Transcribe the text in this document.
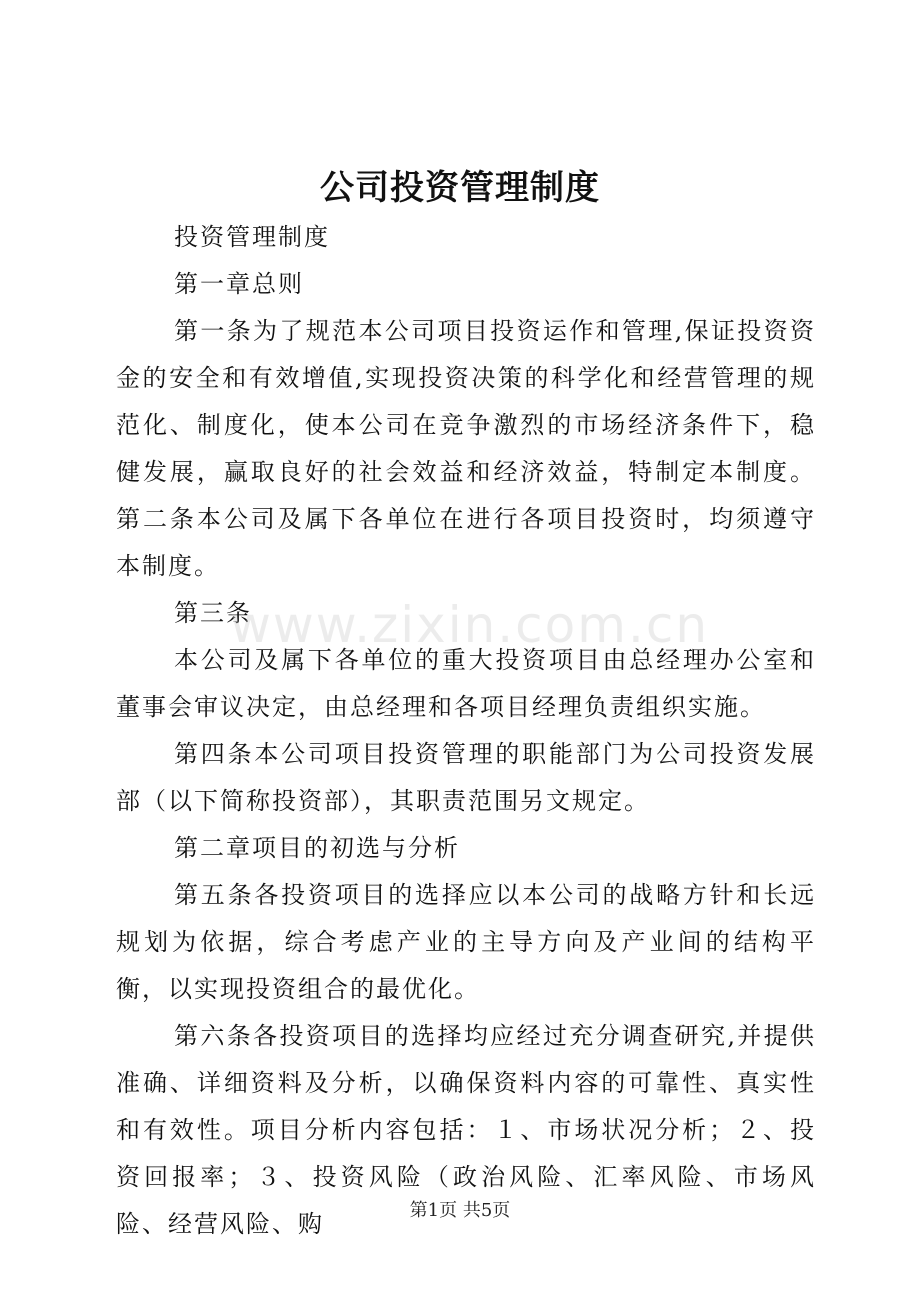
公司投资管理制度

投资管理制度

第一章总则

第一条为了规范本公司项目投资运作和管理,保证投资资金的安全和有效增值,实现投资决策的科学化和经营管理的规范化、制度化，使本公司在竞争激烈的市场经济条件下，稳健发展，赢取良好的社会效益和经济效益，特制定本制度。第二条本公司及属下各单位在进行各项目投资时，均须遵守本制度。

第三条

本公司及属下各单位的重大投资项目由总经理办公室和董事会审议决定，由总经理和各项目经理负责组织实施。

第四条本公司项目投资管理的职能部门为公司投资发展部（以下简称投资部），其职责范围另文规定。

第二章项目的初选与分析

第五条各投资项目的选择应以本公司的战略方针和长远规划为依据，综合考虑产业的主导方向及产业间的结构平衡，以实现投资组合的最优化。

第六条各投资项目的选择均应经过充分调查研究,并提供准确、详细资料及分析，以确保资料内容的可靠性、真实性和有效性。项目分析内容包括：１、市场状况分析；２、投资回报率；３、投资风险（政治风险、汇率风险、市场风险、经营风险、购

www.zixin.com.cn
第1页 共5页
